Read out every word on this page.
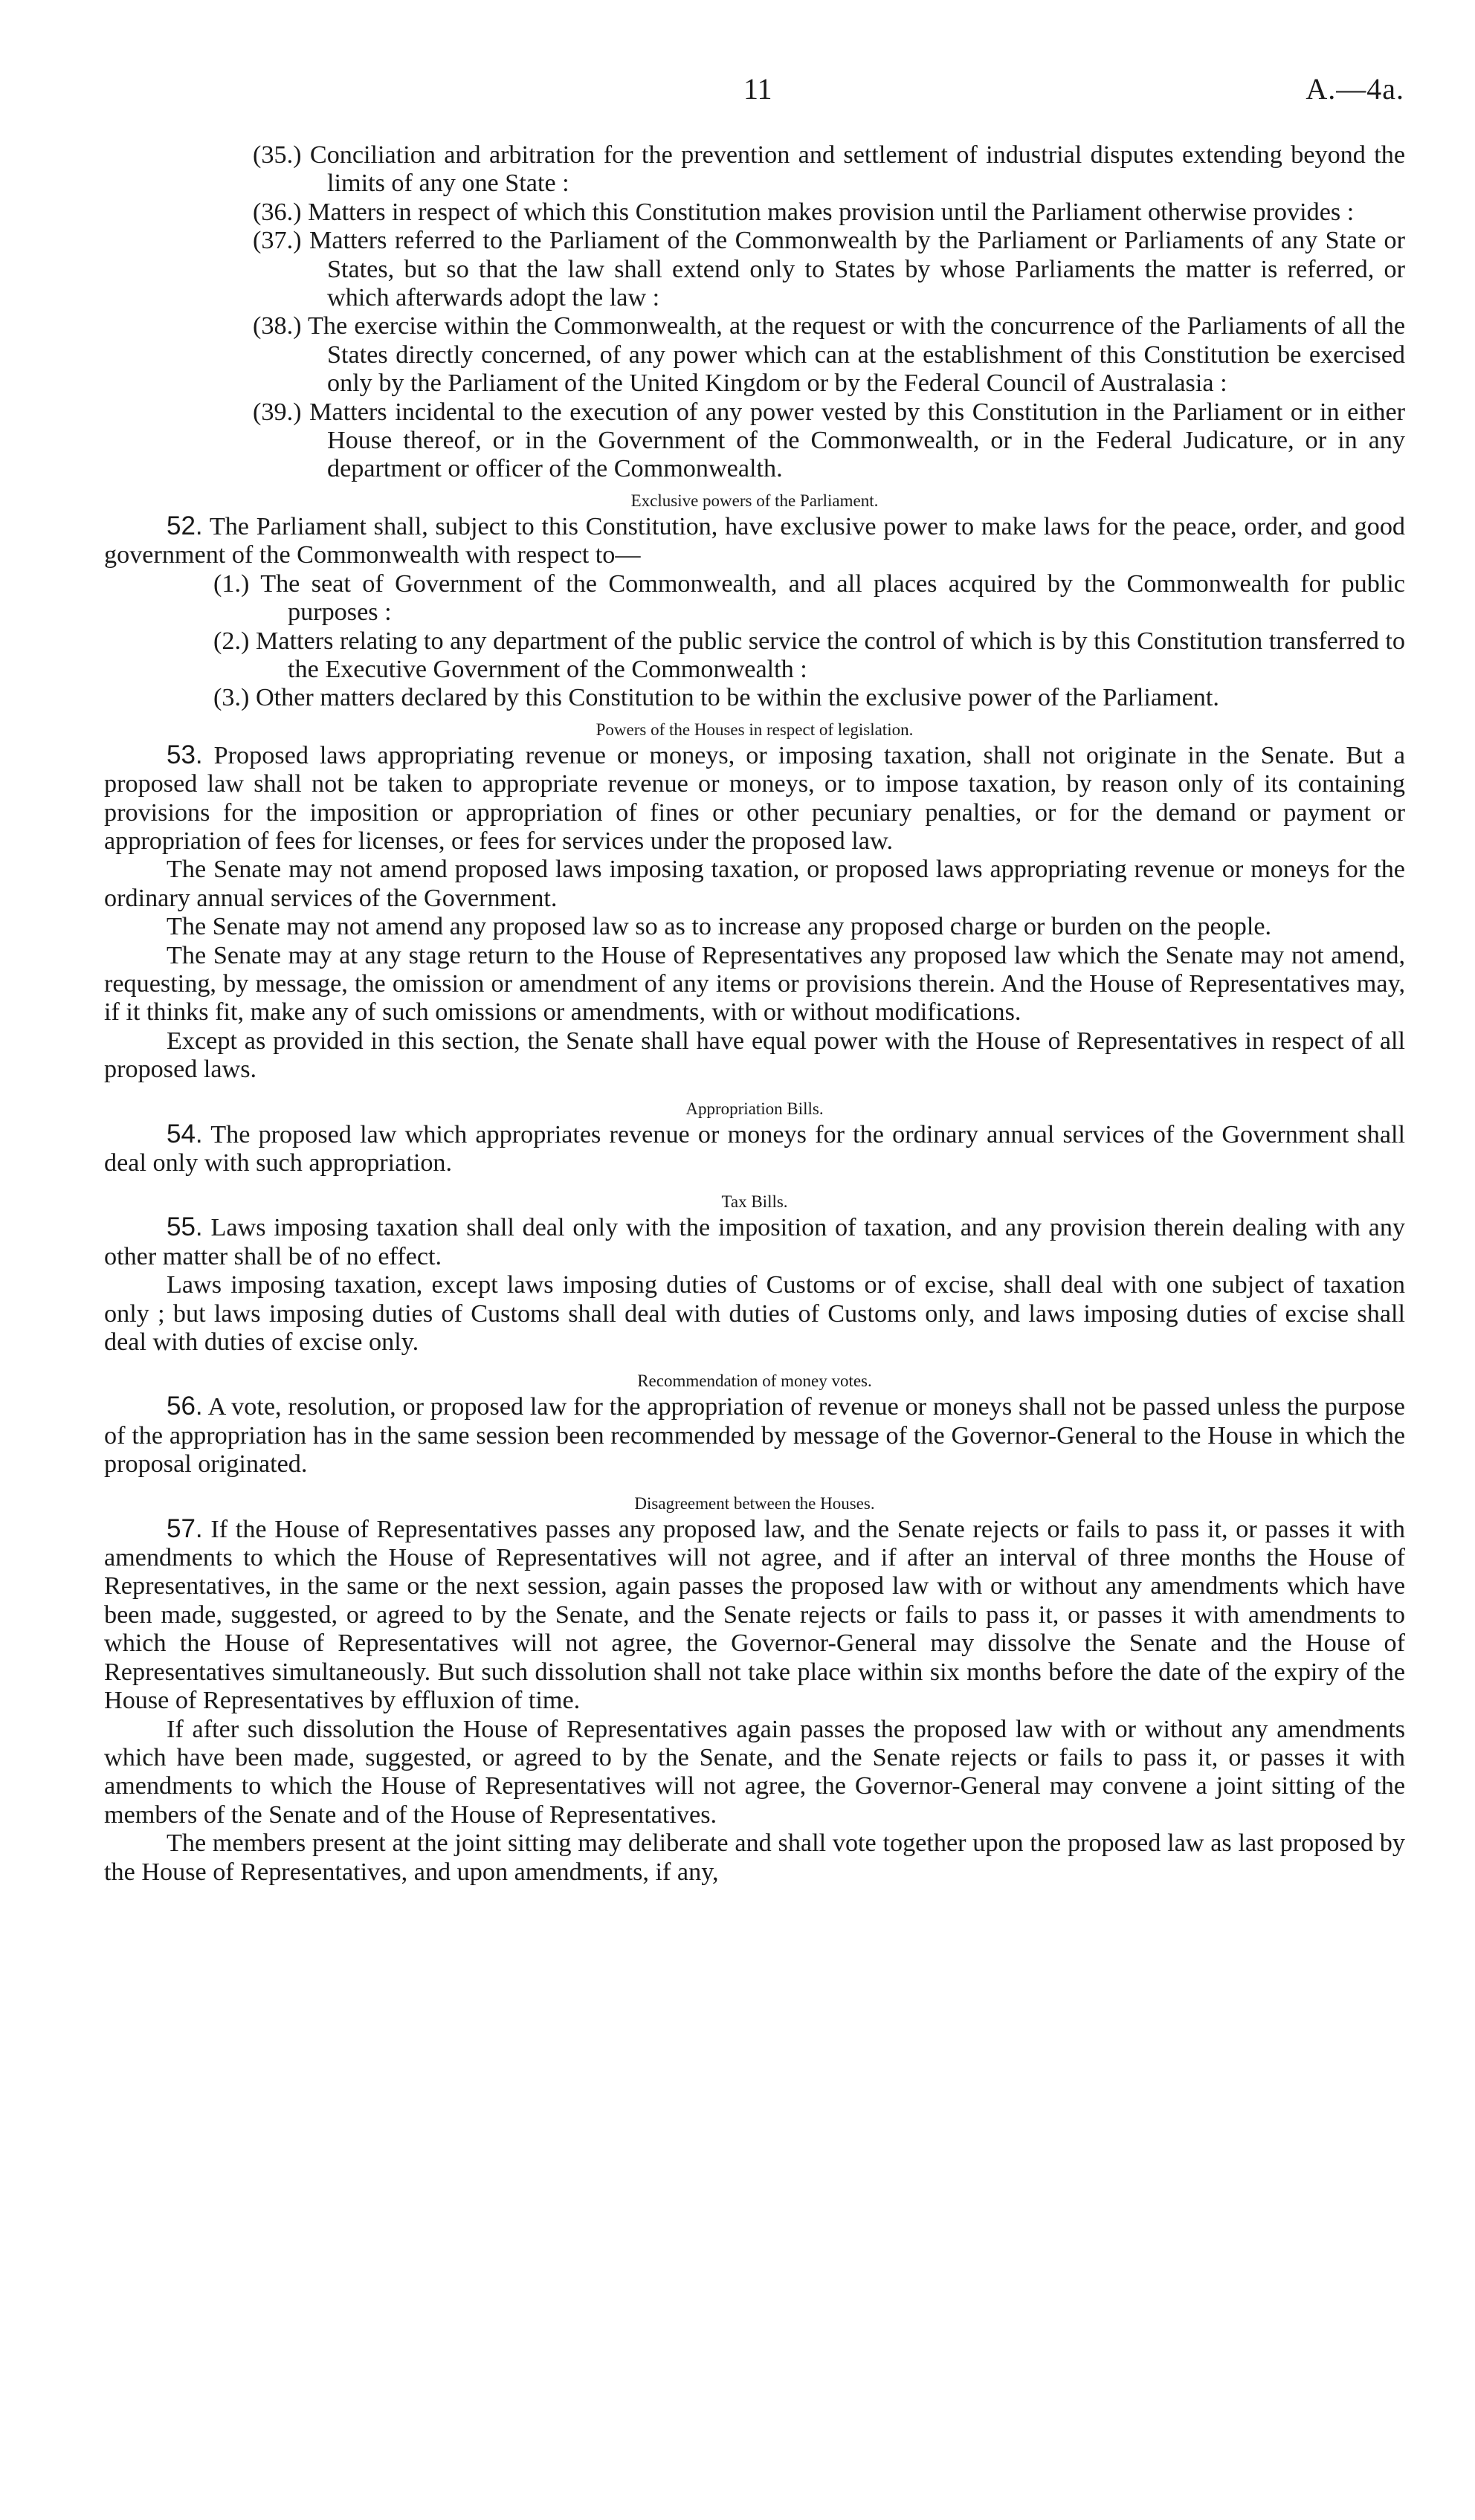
11	A.—4a.

(35.) Conciliation and arbitration for the prevention and settlement of industrial disputes extending beyond the limits of any one State :

(36.) Matters in respect of which this Constitution makes provision until the Parliament otherwise provides :

(37.) Matters referred to the Parliament of the Commonwealth by the Parliament or Parliaments of any State or States, but so that the law shall extend only to States by whose Parliaments the matter is referred, or which afterwards adopt the law :

(38.) The exercise within the Commonwealth, at the request or with the concurrence of the Parliaments of all the States directly concerned, of any power which can at the establishment of this Constitution be exercised only by the Parliament of the United Kingdom or by the Federal Council of Australasia :

(39.) Matters incidental to the execution of any power vested by this Constitution in the Parliament or in either House thereof, or in the Government of the Commonwealth, or in the Federal Judicature, or in any department or officer of the Commonwealth.

Exclusive powers of the Parliament.

52. The Parliament shall, subject to this Constitution, have exclusive power to make laws for the peace, order, and good government of the Commonwealth with respect to—

(1.) The seat of Government of the Commonwealth, and all places acquired by the Commonwealth for public purposes :

(2.) Matters relating to any department of the public service the control of which is by this Constitution transferred to the Executive Government of the Commonwealth :

(3.) Other matters declared by this Constitution to be within the exclusive power of the Parliament.

Powers of the Houses in respect of legislation.

53. Proposed laws appropriating revenue or moneys, or imposing taxation, shall not originate in the Senate. But a proposed law shall not be taken to appropriate revenue or moneys, or to impose taxation, by reason only of its containing provisions for the imposition or appropriation of fines or other pecuniary penalties, or for the demand or payment or appropriation of fees for licenses, or fees for services under the proposed law.

The Senate may not amend proposed laws imposing taxation, or proposed laws appropriating revenue or moneys for the ordinary annual services of the Government.

The Senate may not amend any proposed law so as to increase any proposed charge or burden on the people.

The Senate may at any stage return to the House of Representatives any proposed law which the Senate may not amend, requesting, by message, the omission or amendment of any items or provisions therein. And the House of Representatives may, if it thinks fit, make any of such omissions or amendments, with or without modifications.

Except as provided in this section, the Senate shall have equal power with the House of Representatives in respect of all proposed laws.

Appropriation Bills.

54. The proposed law which appropriates revenue or moneys for the ordinary annual services of the Government shall deal only with such appropriation.

Tax Bills.

55. Laws imposing taxation shall deal only with the imposition of taxation, and any provision therein dealing with any other matter shall be of no effect.

Laws imposing taxation, except laws imposing duties of Customs or of excise, shall deal with one subject of taxation only ; but laws imposing duties of Customs shall deal with duties of Customs only, and laws imposing duties of excise shall deal with duties of excise only.

Recommendation of money votes.

56. A vote, resolution, or proposed law for the appropriation of revenue or moneys shall not be passed unless the purpose of the appropriation has in the same session been recommended by message of the Governor-General to the House in which the proposal originated.

Disagreement between the Houses.

57. If the House of Representatives passes any proposed law, and the Senate rejects or fails to pass it, or passes it with amendments to which the House of Representatives will not agree, and if after an interval of three months the House of Representatives, in the same or the next session, again passes the proposed law with or without any amendments which have been made, suggested, or agreed to by the Senate, and the Senate rejects or fails to pass it, or passes it with amendments to which the House of Representatives will not agree, the Governor-General may dissolve the Senate and the House of Representatives simultaneously. But such dissolution shall not take place within six months before the date of the expiry of the House of Representatives by effluxion of time.

If after such dissolution the House of Representatives again passes the proposed law with or without any amendments which have been made, suggested, or agreed to by the Senate, and the Senate rejects or fails to pass it, or passes it with amendments to which the House of Representatives will not agree, the Governor-General may convene a joint sitting of the members of the Senate and of the House of Representatives.

The members present at the joint sitting may deliberate and shall vote together upon the proposed law as last proposed by the House of Representatives, and upon amendments, if any,
